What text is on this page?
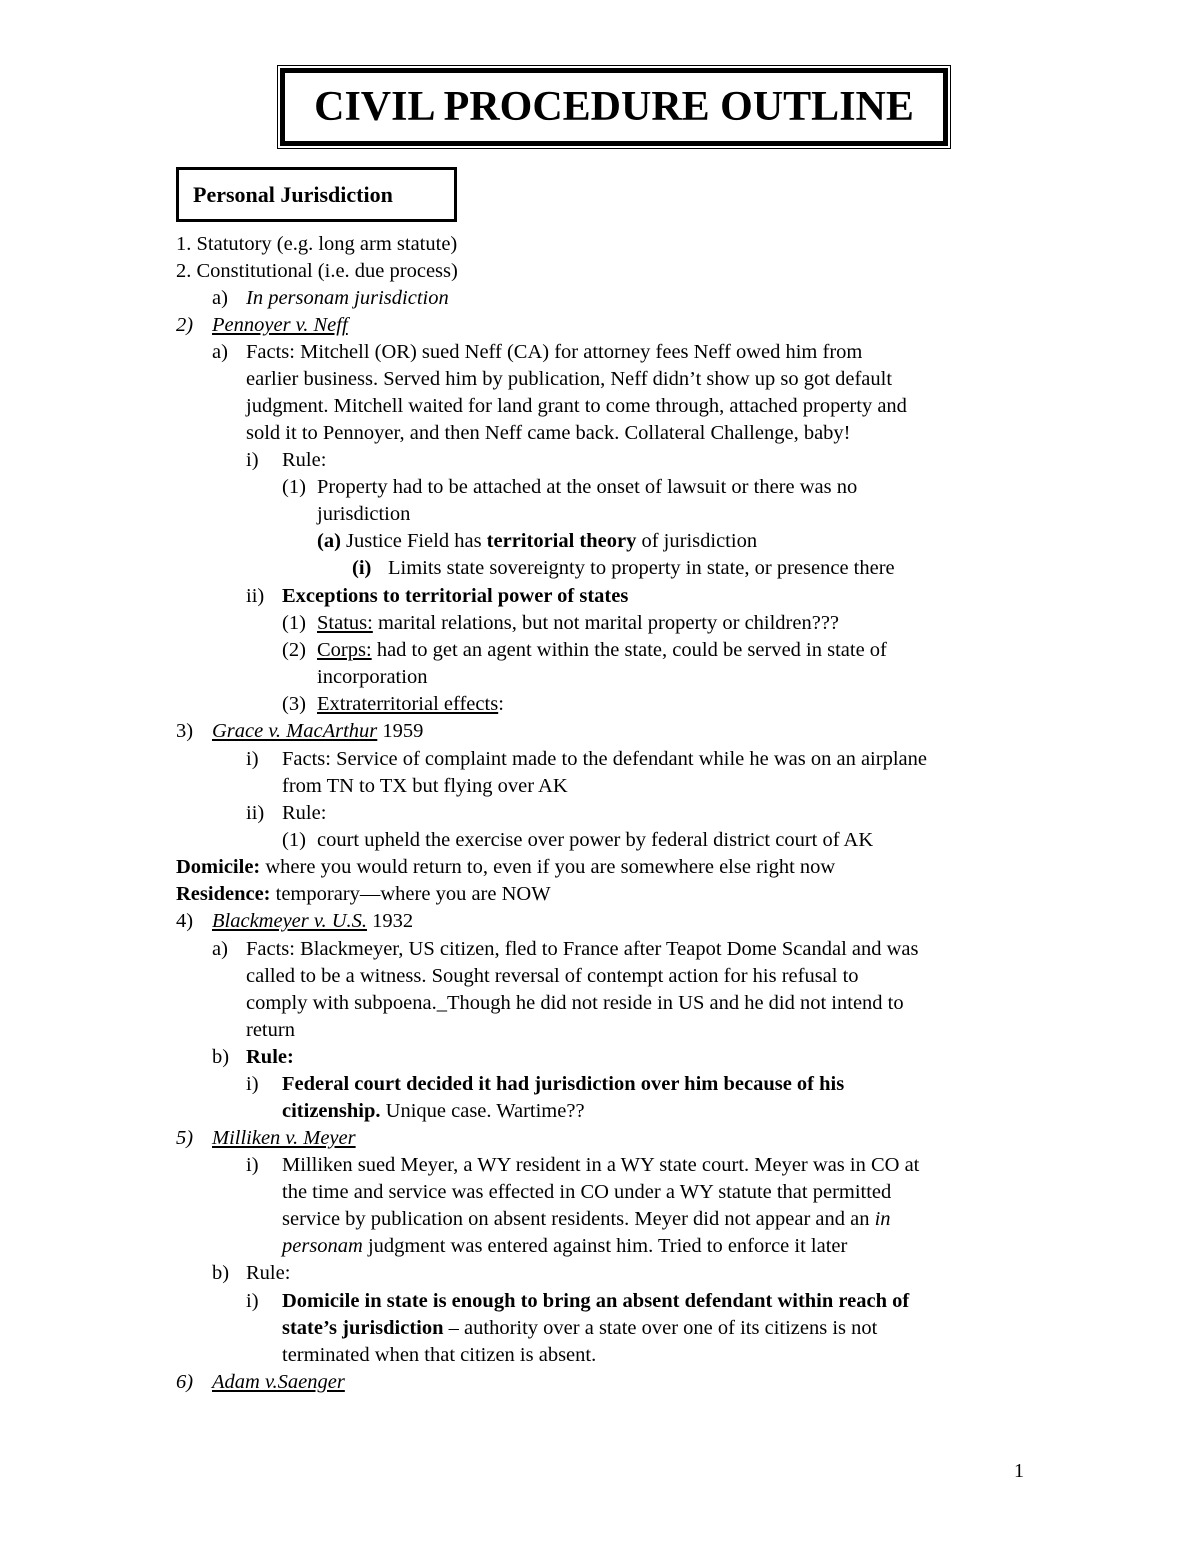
CIVIL PROCEDURE OUTLINE
Personal Jurisdiction
1. Statutory (e.g. long arm statute)
2. Constitutional (i.e. due process)
a) In personam jurisdiction
2) Pennoyer v. Neff
a) Facts: Mitchell (OR) sued Neff (CA) for attorney fees Neff owed him from
earlier business. Served him by publication, Neff didn’t show up so got default
judgment. Mitchell waited for land grant to come through, attached property and
sold it to Pennoyer, and then Neff came back. Collateral Challenge, baby!
i) Rule:
(1) Property had to be attached at the onset of lawsuit or there was no
jurisdiction
(a) Justice Field has territorial theory of jurisdiction
(i) Limits state sovereignty to property in state, or presence there
ii) Exceptions to territorial power of states
(1) Status: marital relations, but not marital property or children???
(2) Corps: had to get an agent within the state, could be served in state of
incorporation
(3) Extraterritorial effects:
3) Grace v. MacArthur 1959
i) Facts: Service of complaint made to the defendant while he was on an airplane
from TN to TX but flying over AK
ii) Rule:
(1) court upheld the exercise over power by federal district court of AK
Domicile: where you would return to, even if you are somewhere else right now
Residence: temporary—where you are NOW
4) Blackmeyer v. U.S. 1932
a) Facts: Blackmeyer, US citizen, fled to France after Teapot Dome Scandal and was
called to be a witness. Sought reversal of contempt action for his refusal to
comply with subpoena._Though he did not reside in US and he did not intend to
return
b) Rule:
i) Federal court decided it had jurisdiction over him because of his
citizenship. Unique case. Wartime??
5) Milliken v. Meyer
i) Milliken sued Meyer, a WY resident in a WY state court. Meyer was in CO at
the time and service was effected in CO under a WY statute that permitted
service by publication on absent residents. Meyer did not appear and an in
personam judgment was entered against him. Tried to enforce it later
b) Rule:
i) Domicile in state is enough to bring an absent defendant within reach of
state’s jurisdiction – authority over a state over one of its citizens is not
terminated when that citizen is absent.
6) Adam v.Saenger
1
